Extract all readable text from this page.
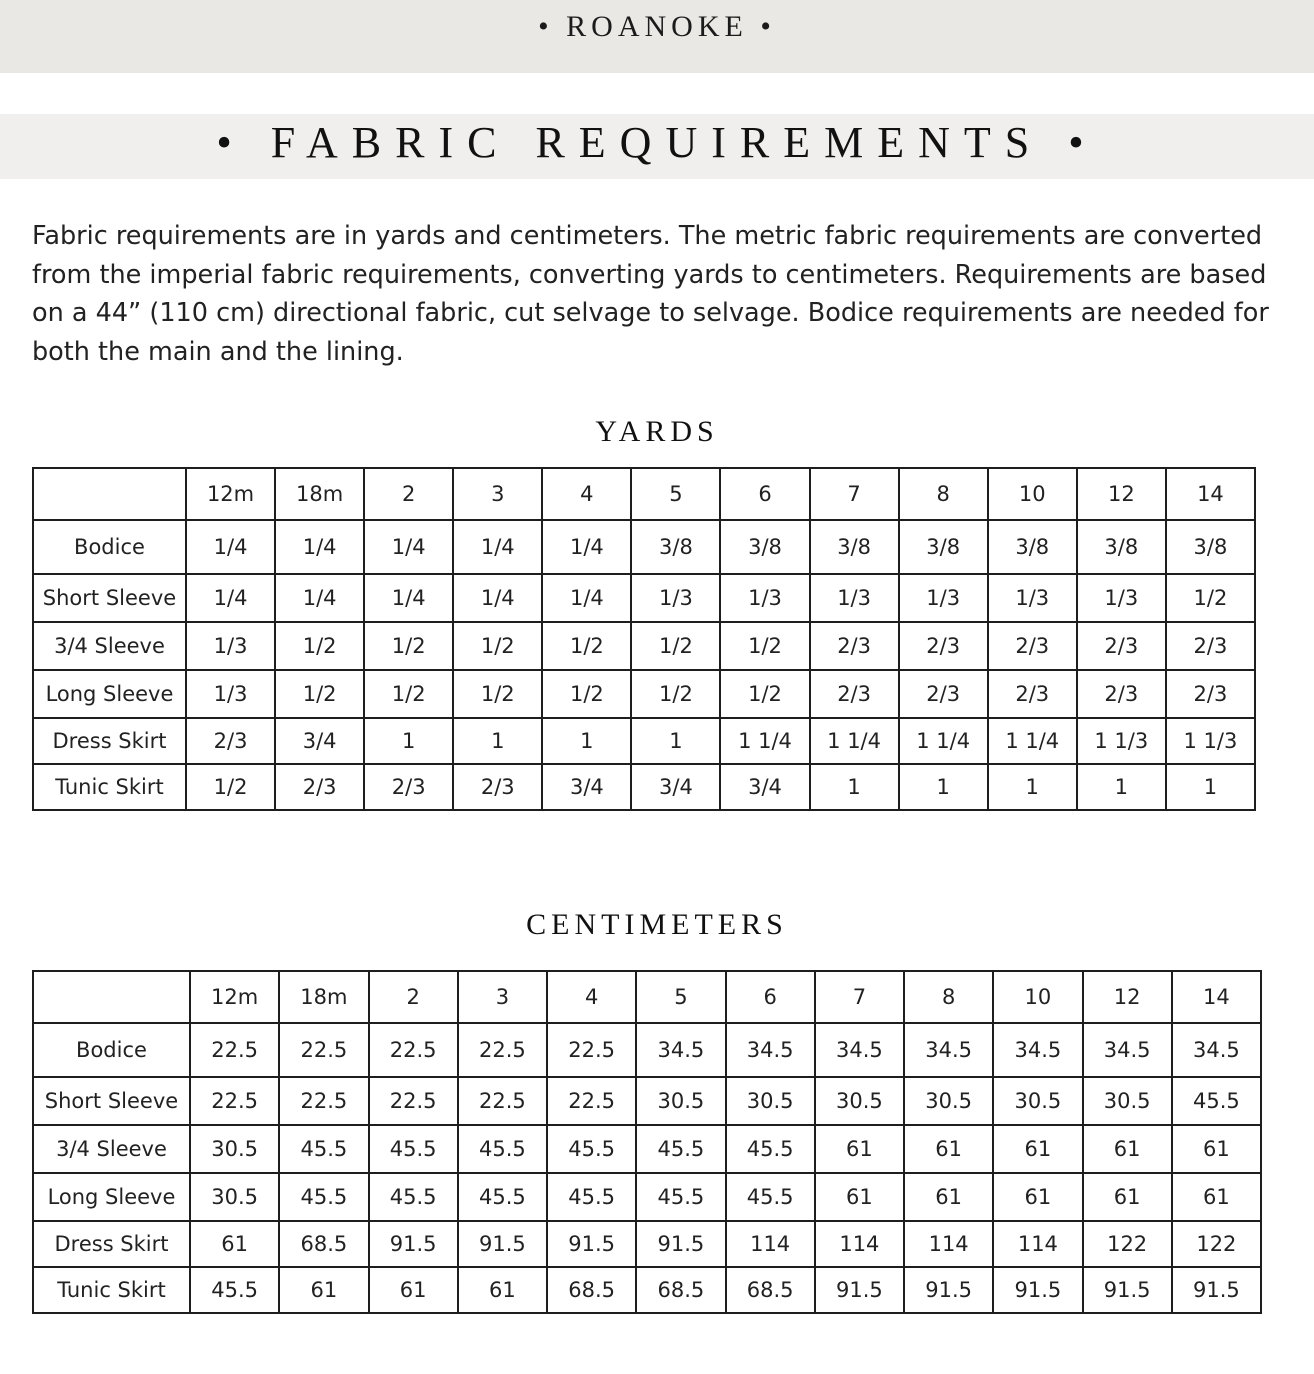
• ROANOKE •
• FABRIC REQUIREMENTS •

Fabric requirements are in yards and centimeters. The metric fabric requirements are converted from the imperial fabric requirements, converting yards to centimeters. Requirements are based on a 44” (110 cm) directional fabric, cut selvage to selvage. Bodice requirements are needed for both the main and the lining.

YARDS
	12m	18m	2	3	4	5	6	7	8	10	12	14
Bodice	1/4	1/4	1/4	1/4	1/4	3/8	3/8	3/8	3/8	3/8	3/8	3/8
Short Sleeve	1/4	1/4	1/4	1/4	1/4	1/3	1/3	1/3	1/3	1/3	1/3	1/2
3/4 Sleeve	1/3	1/2	1/2	1/2	1/2	1/2	1/2	2/3	2/3	2/3	2/3	2/3
Long Sleeve	1/3	1/2	1/2	1/2	1/2	1/2	1/2	2/3	2/3	2/3	2/3	2/3
Dress Skirt	2/3	3/4	1	1	1	1	1 1/4	1 1/4	1 1/4	1 1/4	1 1/3	1 1/3
Tunic Skirt	1/2	2/3	2/3	2/3	3/4	3/4	3/4	1	1	1	1	1
CENTIMETERS
	12m	18m	2	3	4	5	6	7	8	10	12	14
Bodice	22.5	22.5	22.5	22.5	22.5	34.5	34.5	34.5	34.5	34.5	34.5	34.5
Short Sleeve	22.5	22.5	22.5	22.5	22.5	30.5	30.5	30.5	30.5	30.5	30.5	45.5
3/4 Sleeve	30.5	45.5	45.5	45.5	45.5	45.5	45.5	61	61	61	61	61
Long Sleeve	30.5	45.5	45.5	45.5	45.5	45.5	45.5	61	61	61	61	61
Dress Skirt	61	68.5	91.5	91.5	91.5	91.5	114	114	114	114	122	122
Tunic Skirt	45.5	61	61	61	68.5	68.5	68.5	91.5	91.5	91.5	91.5	91.5
